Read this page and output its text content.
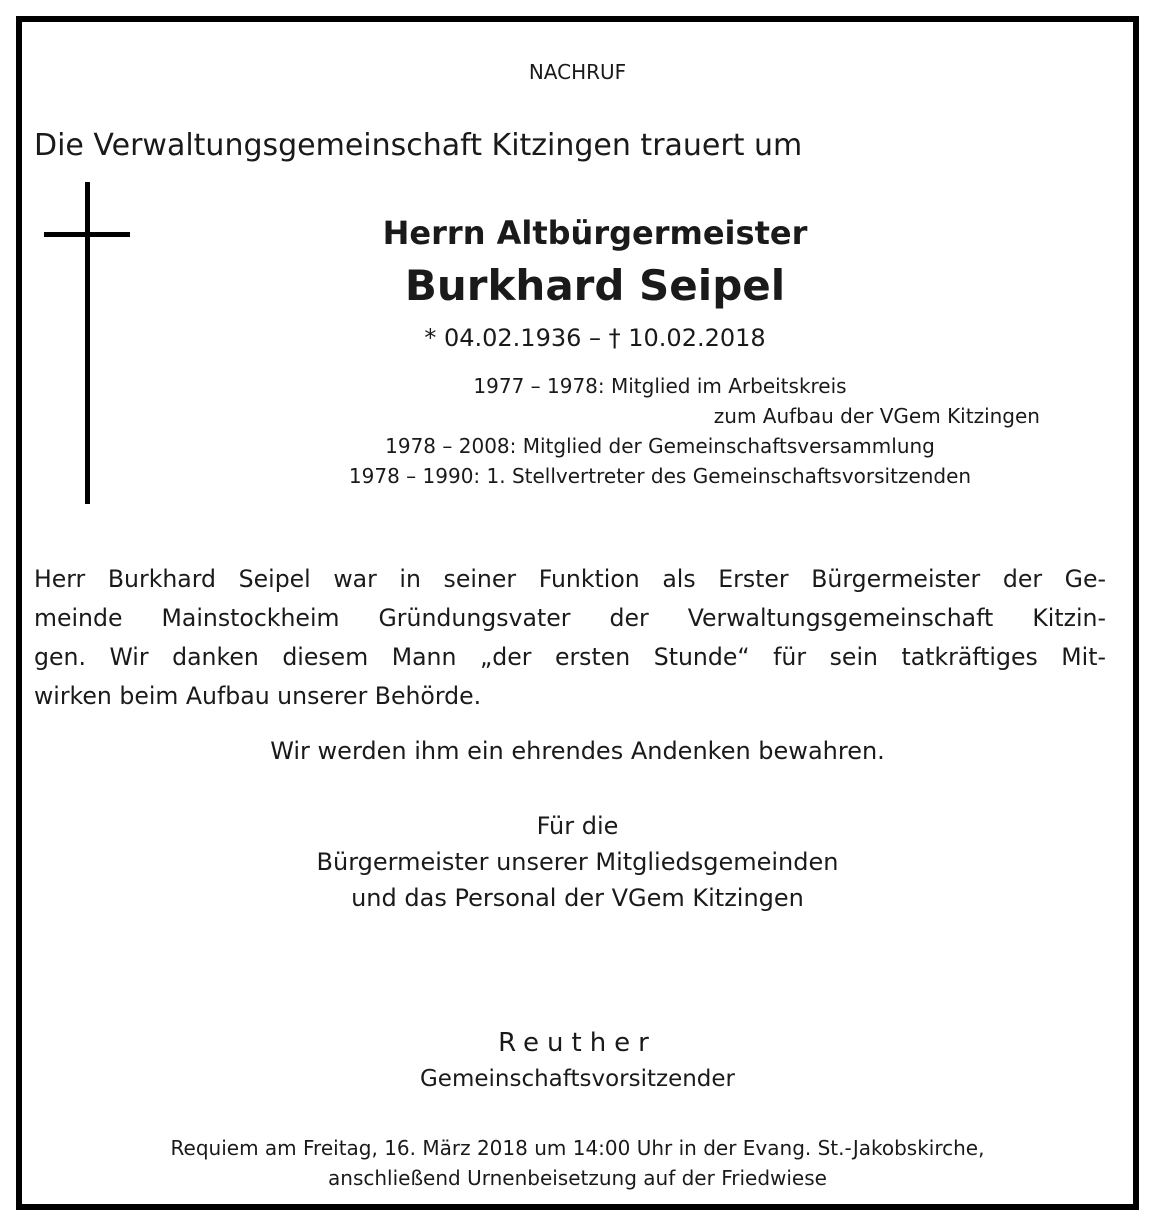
NACHRUF

Die Verwaltungsgemeinschaft Kitzingen trauert um

Herrn Altbürgermeister

Burkhard Seipel

* 04.02.1936 – † 10.02.2018

1977 – 1978: Mitglied im Arbeitskreis
zum Aufbau der VGem Kitzingen
1978 – 2008: Mitglied der Gemeinschaftsversammlung
1978 – 1990: 1. Stellvertreter des Gemeinschaftsvorsitzenden
Herr Burkhard Seipel war in seiner Funktion als Erster Bürgermeister der Ge-
meinde Mainstockheim Gründungsvater der Verwaltungsgemeinschaft Kitzin-
gen. Wir danken diesem Mann „der ersten Stunde“ für sein tatkräftiges Mit-
wirken beim Aufbau unserer Behörde.

Wir werden ihm ein ehrendes Andenken bewahren.

Für die

Bürgermeister unserer Mitgliedsgemeinden

und das Personal der VGem Kitzingen

Reuther

Gemeinschaftsvorsitzender

Requiem am Freitag, 16. März 2018 um 14:00 Uhr in der Evang. St.-Jakobskirche,

anschließend Urnenbeisetzung auf der Friedwiese
